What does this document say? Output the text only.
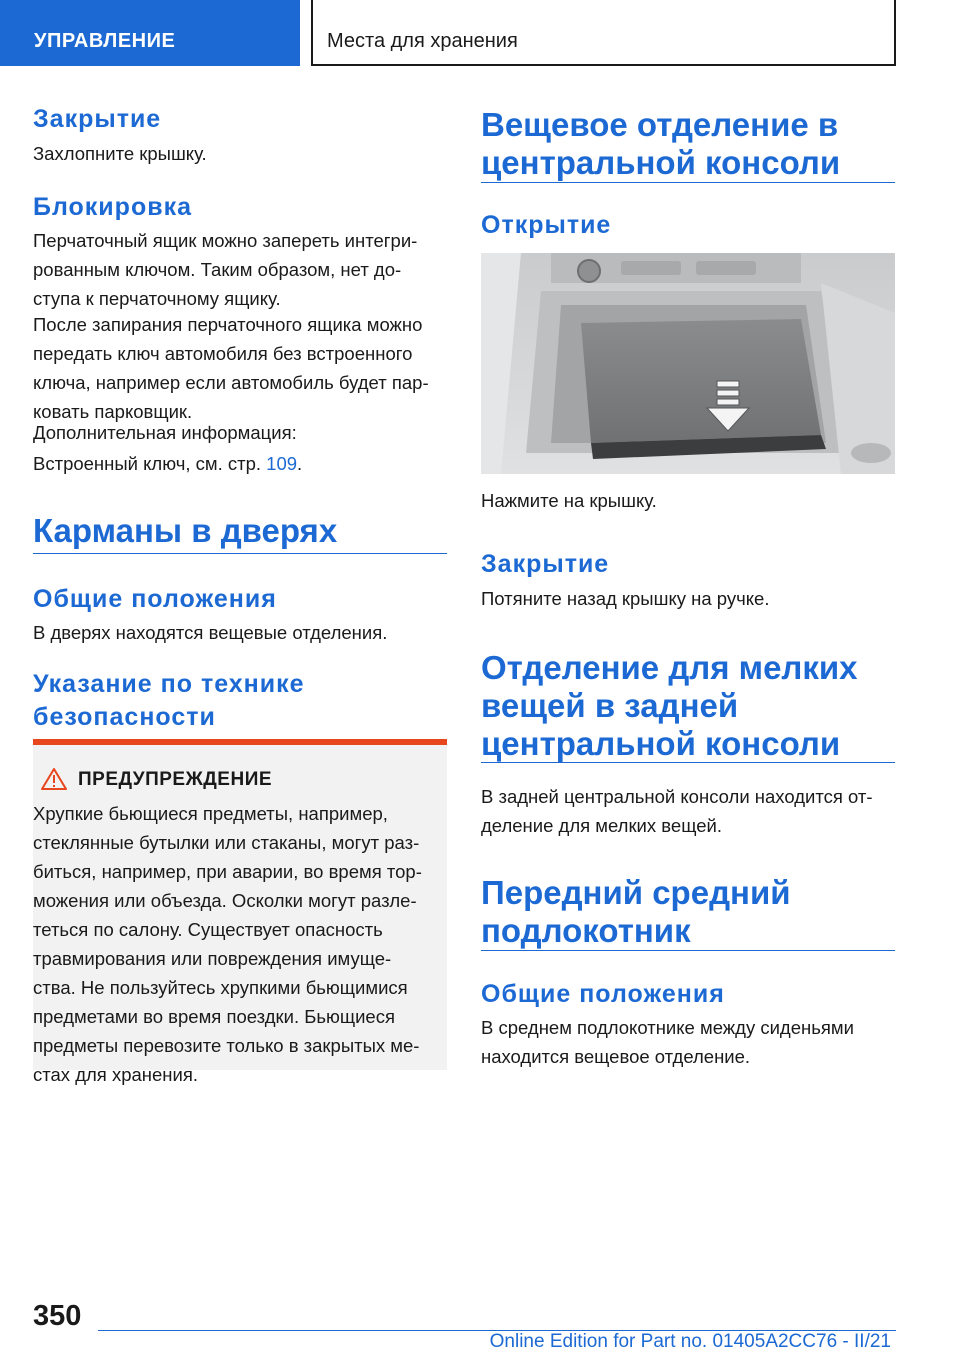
УПРАВЛЕНИЕ	Места для хранения
Закрытие
Захлопните крышку.
Блокировка
Перчаточный ящик можно запереть интегри-
рованным ключом. Таким образом, нет до-
ступа к перчаточному ящику.
После запирания перчаточного ящика можно
передать ключ автомобиля без встроенного
ключа, например если автомобиль будет пар-
ковать парковщик.
Дополнительная информация:
Встроенный ключ, см. стр. 109.
Карманы в дверях
Общие положения
В дверях находятся вещевые отделения.
Указание по технике
безопасности
ПРЕДУПРЕЖДЕНИЕ
Хрупкие бьющиеся предметы, например,
стеклянные бутылки или стаканы, могут раз-
биться, например, при аварии, во время тор-
можения или объезда. Осколки могут разле-
теться по салону. Существует опасность
травмирования или повреждения имуще-
ства. Не пользуйтесь хрупкими бьющимися
предметами во время поездки. Бьющиеся
предметы перевозите только в закрытых ме-
стах для хранения.
Вещевое отделение в
центральной консоли
Открытие
Нажмите на крышку.
Закрытие
Потяните назад крышку на ручке.
Отделение для мелких
вещей в задней
центральной консоли
В задней центральной консоли находится от-
деление для мелких вещей.
Передний средний
подлокотник
Общие положения
В среднем подлокотнике между сиденьями
находится вещевое отделение.
350
Online Edition for Part no. 01405A2CC76 - II/21
